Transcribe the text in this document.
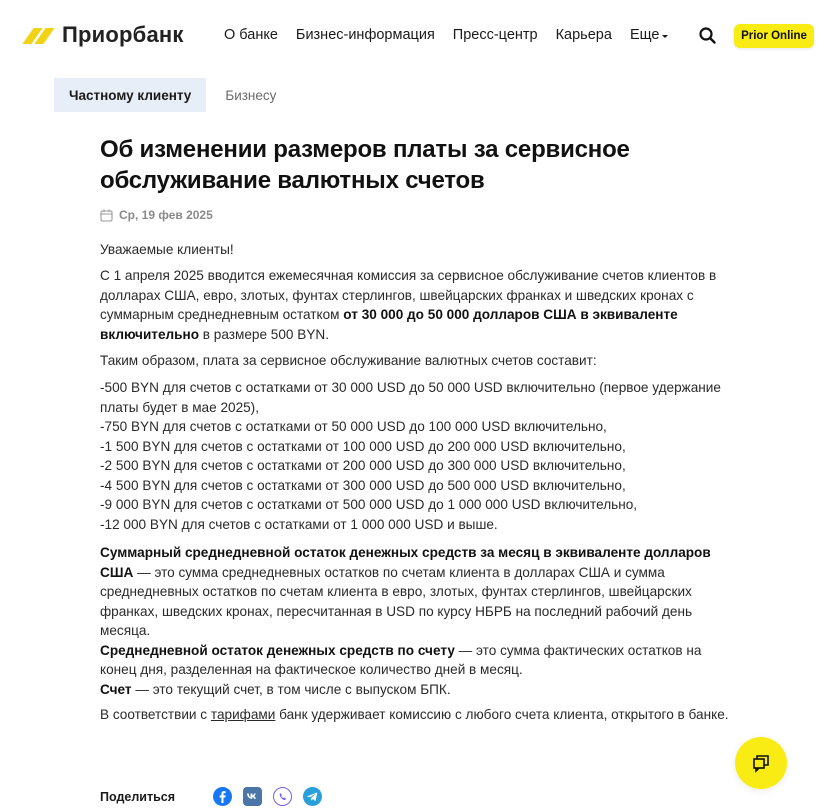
Приорбанк	О банке Бизнес-информация Пресс-центр Карьера Еще	Prior Online
Частному клиенту	Бизнесу
Об изменении размеров платы за сервисное обслуживание валютных счетов
Ср, 19 фев 2025

Уважаемые клиенты!

С 1 апреля 2025 вводится ежемесячная комиссия за сервисное обслуживание счетов клиентов в долларах США, евро, злотых, фунтах стерлингов, швейцарских франках и шведских кронах с суммарным среднедневным остатком от 30 000 до 50 000 долларов США в эквиваленте включительно в размере 500 BYN.

Таким образом, плата за сервисное обслуживание валютных счетов составит:

-500 BYN для счетов с остатками от 30 000 USD до 50 000 USD включительно (первое удержание платы будет в мае 2025),
-750 BYN для счетов с остатками от 50 000 USD до 100 000 USD включительно,
-1 500 BYN для счетов с остатками от 100 000 USD до 200 000 USD включительно,
-2 500 BYN для счетов с остатками от 200 000 USD до 300 000 USD включительно,
-4 500 BYN для счетов с остатками от 300 000 USD до 500 000 USD включительно,
-9 000 BYN для счетов с остатками от 500 000 USD до 1 000 000 USD включительно,
-12 000 BYN для счетов с остатками от 1 000 000 USD и выше.
Суммарный среднедневной остаток денежных средств за месяц в эквиваленте долларов США — это сумма среднедневных остатков по счетам клиента в долларах США и сумма среднедневных остатков по счетам клиента в евро, злотых, фунтах стерлингов, швейцарских франках, шведских кронах, пересчитанная в USD по курсу НБРБ на последний рабочий день месяца.
Среднедневной остаток денежных средств по счету — это сумма фактических остатков на конец дня, разделенная на фактическое количество дней в месяц.
Счет — это текущий счет, в том числе с выпуском БПК.

В соответствии с тарифами банк удерживает комиссию с любого счета клиента, открытого в банке.

Поделиться
